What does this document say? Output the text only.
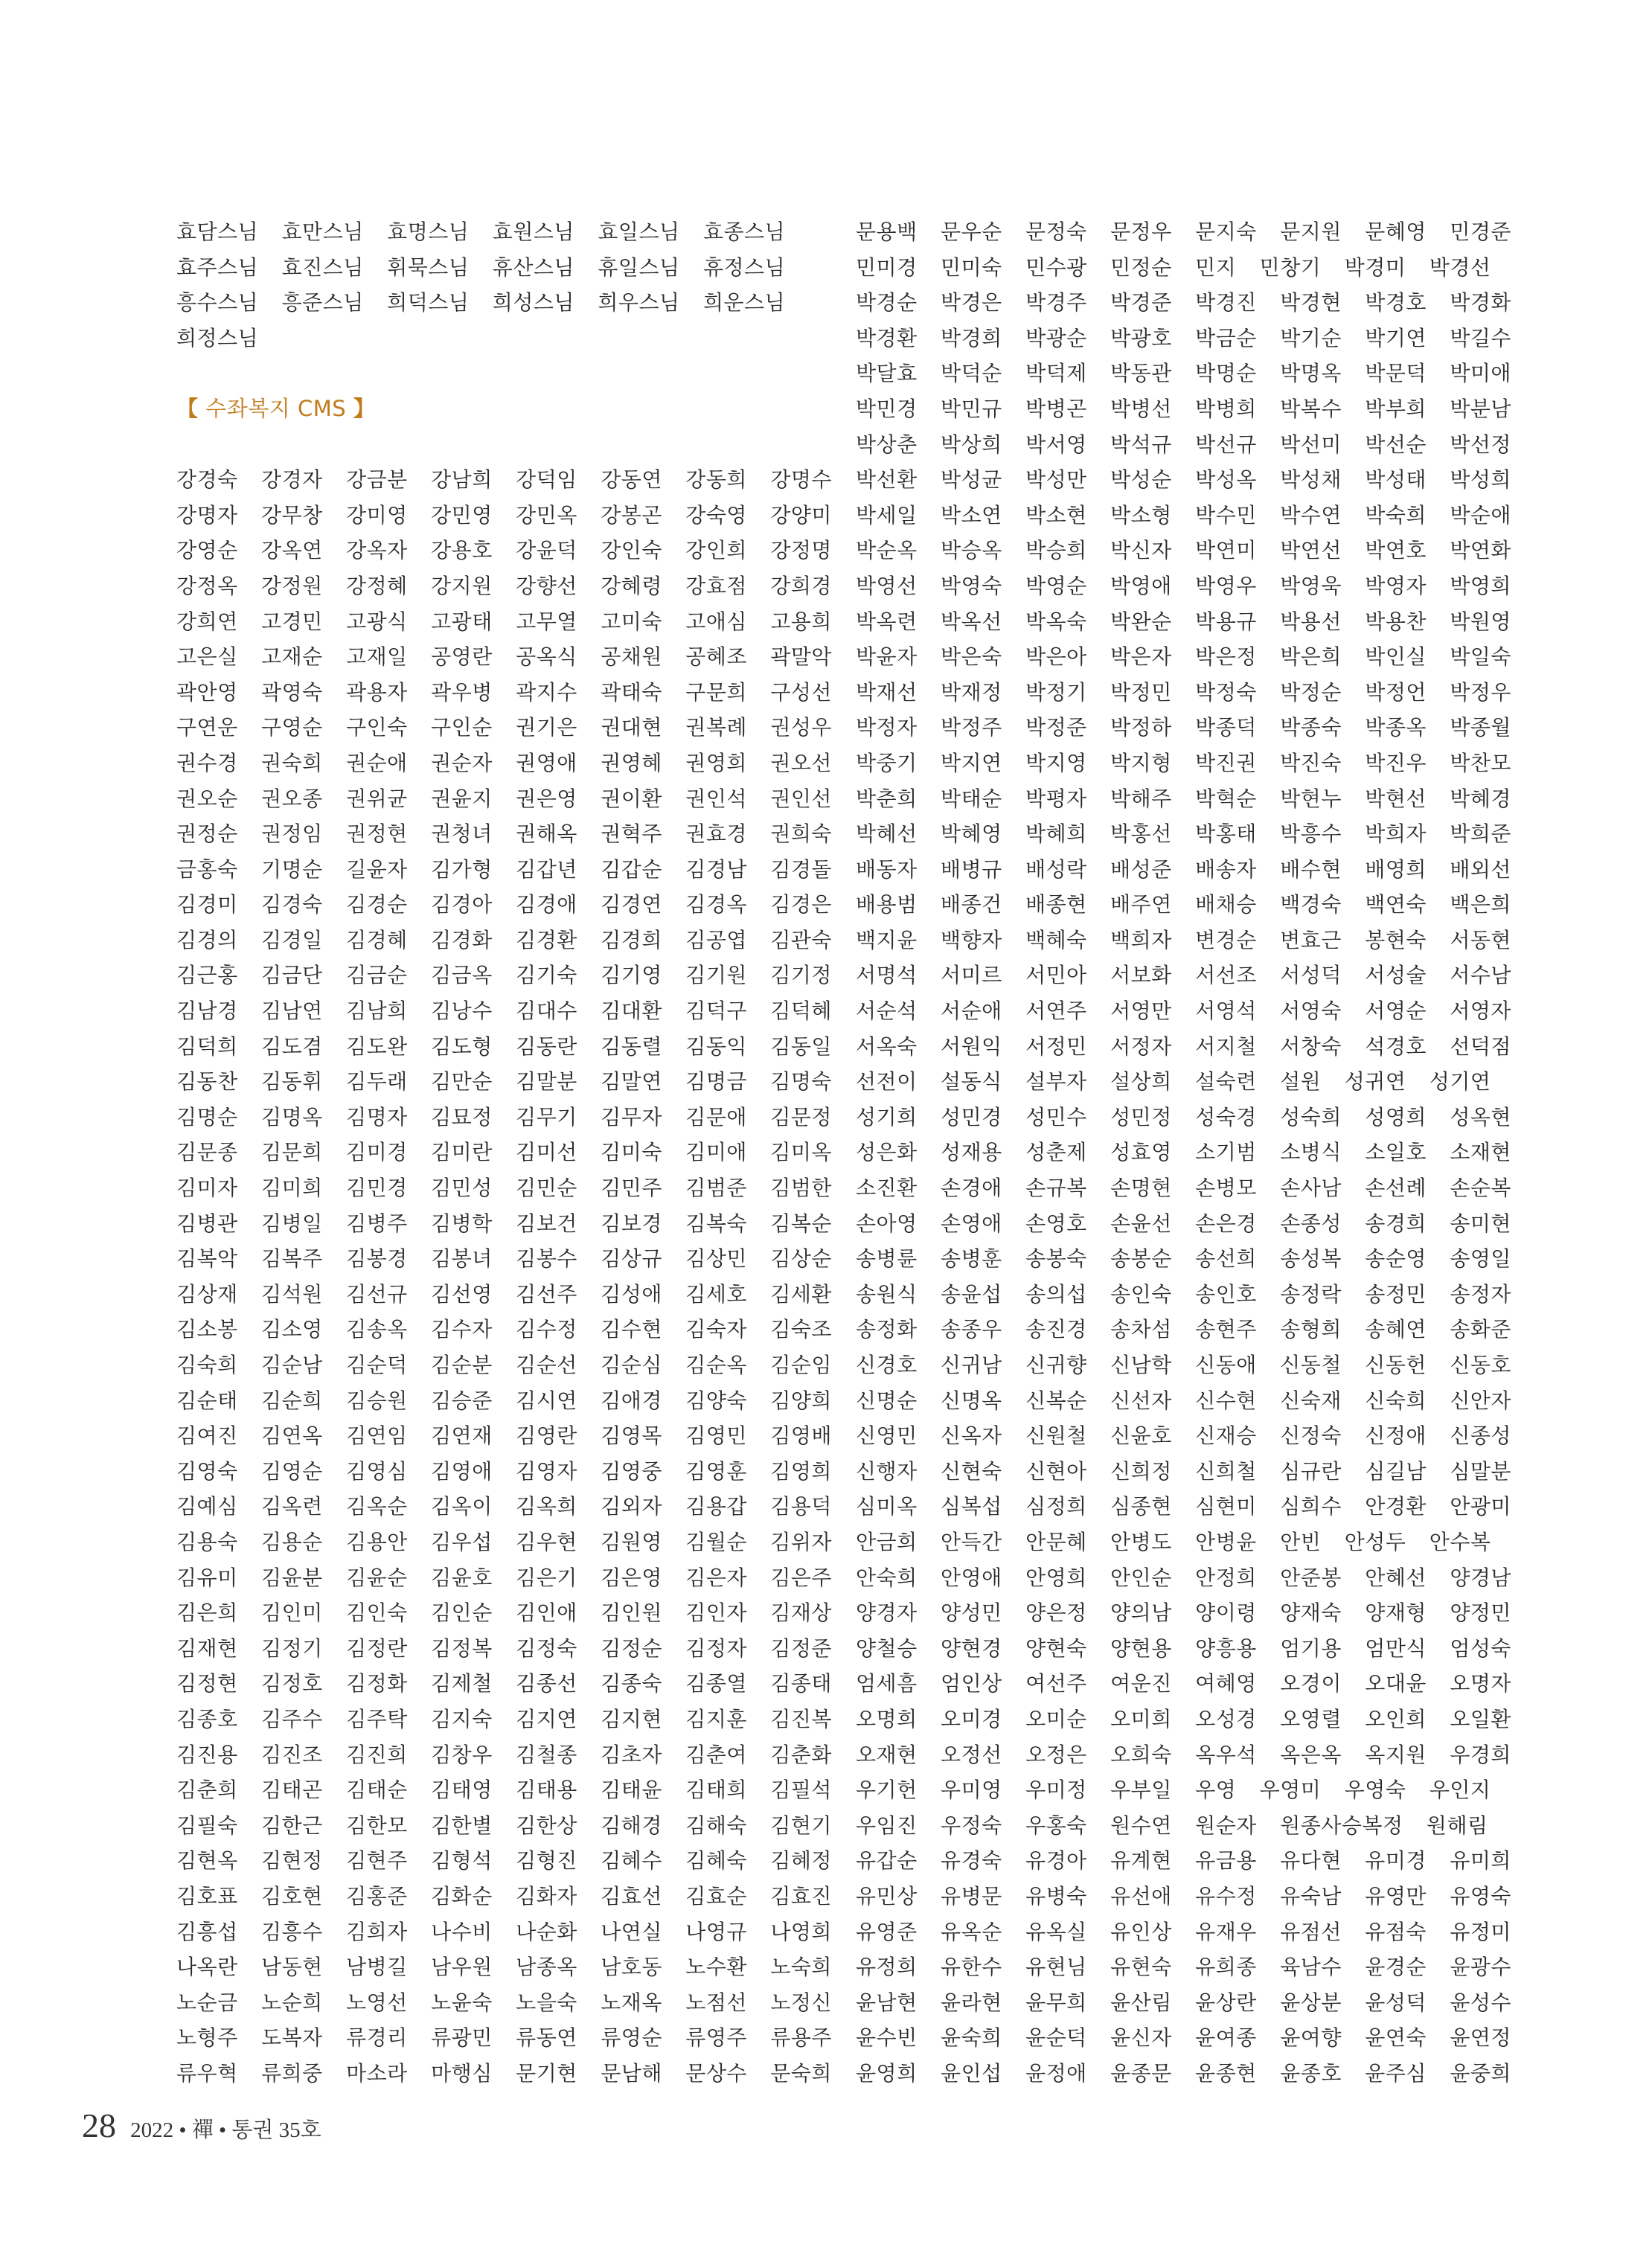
효담스님 효만스님 효명스님 효원스님 효일스님 효종스님
효주스님 효진스님 휘묵스님 휴산스님 휴일스님 휴정스님
흥수스님 흥준스님 희덕스님 희성스님 희우스님 희운스님
희정스님
【 수좌복지 CMS 】
강경숙 강경자 강금분 강남희 강덕임 강동연 강동희 강명수
강명자 강무창 강미영 강민영 강민옥 강봉곤 강숙영 강양미
강영순 강옥연 강옥자 강용호 강윤덕 강인숙 강인희 강정명
강정옥 강정원 강정혜 강지원 강향선 강혜령 강효점 강희경
강희연 고경민 고광식 고광태 고무열 고미숙 고애심 고용희
고은실 고재순 고재일 공영란 공옥식 공채원 공혜조 곽말악
곽안영 곽영숙 곽용자 곽우병 곽지수 곽태숙 구문희 구성선
구연운 구영순 구인숙 구인순 권기은 권대현 권복례 권성우
권수경 권숙희 권순애 권순자 권영애 권영혜 권영희 권오선
권오순 권오종 권위균 권윤지 권은영 권이환 권인석 권인선
권정순 권정임 권정현 권청녀 권해옥 권혁주 권효경 권희숙
금홍숙 기명순 길윤자 김가형 김갑년 김갑순 김경남 김경돌
김경미 김경숙 김경순 김경아 김경애 김경연 김경옥 김경은
김경의 김경일 김경혜 김경화 김경환 김경희 김공엽 김관숙
김근홍 김금단 김금순 김금옥 김기숙 김기영 김기원 김기정
김남경 김남연 김남희 김낭수 김대수 김대환 김덕구 김덕혜
김덕희 김도겸 김도완 김도형 김동란 김동렬 김동익 김동일
김동찬 김동휘 김두래 김만순 김말분 김말연 김명금 김명숙
김명순 김명옥 김명자 김묘정 김무기 김무자 김문애 김문정
김문종 김문희 김미경 김미란 김미선 김미숙 김미애 김미옥
김미자 김미희 김민경 김민성 김민순 김민주 김범준 김범한
김병관 김병일 김병주 김병학 김보건 김보경 김복숙 김복순
김복악 김복주 김봉경 김봉녀 김봉수 김상규 김상민 김상순
김상재 김석원 김선규 김선영 김선주 김성애 김세호 김세환
김소봉 김소영 김송옥 김수자 김수정 김수현 김숙자 김숙조
김숙희 김순남 김순덕 김순분 김순선 김순심 김순옥 김순임
김순태 김순희 김승원 김승준 김시연 김애경 김양숙 김양희
김여진 김연옥 김연임 김연재 김영란 김영목 김영민 김영배
김영숙 김영순 김영심 김영애 김영자 김영중 김영훈 김영희
김예심 김옥련 김옥순 김옥이 김옥희 김외자 김용갑 김용덕
김용숙 김용순 김용안 김우섭 김우현 김원영 김월순 김위자
김유미 김윤분 김윤순 김윤호 김은기 김은영 김은자 김은주
김은희 김인미 김인숙 김인순 김인애 김인원 김인자 김재상
김재현 김정기 김정란 김정복 김정숙 김정순 김정자 김정준
김정현 김정호 김정화 김제철 김종선 김종숙 김종열 김종태
김종호 김주수 김주탁 김지숙 김지연 김지현 김지훈 김진복
김진용 김진조 김진희 김창우 김철종 김초자 김춘여 김춘화
김춘희 김태곤 김태순 김태영 김태용 김태윤 김태희 김필석
김필숙 김한근 김한모 김한별 김한상 김해경 김해숙 김현기
김현옥 김현정 김현주 김형석 김형진 김혜수 김혜숙 김혜정
김호표 김호현 김홍준 김화순 김화자 김효선 김효순 김효진
김흥섭 김흥수 김희자 나수비 나순화 나연실 나영규 나영희
나옥란 남동현 남병길 남우원 남종옥 남호동 노수환 노숙희
노순금 노순희 노영선 노윤숙 노을숙 노재옥 노점선 노정신
노형주 도복자 류경리 류광민 류동연 류영순 류영주 류용주
류우혁 류희중 마소라 마행심 문기현 문남해 문상수 문숙희
문용백 문우순 문정숙 문정우 문지숙 문지원 문혜영 민경준
민미경 민미숙 민수광 민정순 민지 민창기 박경미 박경선
박경순 박경은 박경주 박경준 박경진 박경현 박경호 박경화
박경환 박경희 박광순 박광호 박금순 박기순 박기연 박길수
박달효 박덕순 박덕제 박동관 박명순 박명옥 박문덕 박미애
박민경 박민규 박병곤 박병선 박병희 박복수 박부희 박분남
박상춘 박상희 박서영 박석규 박선규 박선미 박선순 박선정
박선환 박성균 박성만 박성순 박성옥 박성채 박성태 박성희
박세일 박소연 박소현 박소형 박수민 박수연 박숙희 박순애
박순옥 박승옥 박승희 박신자 박연미 박연선 박연호 박연화
박영선 박영숙 박영순 박영애 박영우 박영욱 박영자 박영희
박옥련 박옥선 박옥숙 박완순 박용규 박용선 박용찬 박원영
박윤자 박은숙 박은아 박은자 박은정 박은희 박인실 박일숙
박재선 박재정 박정기 박정민 박정숙 박정순 박정언 박정우
박정자 박정주 박정준 박정하 박종덕 박종숙 박종옥 박종월
박중기 박지연 박지영 박지형 박진권 박진숙 박진우 박찬모
박춘희 박태순 박평자 박해주 박혁순 박현누 박현선 박혜경
박혜선 박혜영 박혜희 박홍선 박홍태 박흥수 박희자 박희준
배동자 배병규 배성락 배성준 배송자 배수현 배영희 배외선
배용범 배종건 배종현 배주연 배채승 백경숙 백연숙 백은희
백지윤 백향자 백혜숙 백희자 변경순 변효근 봉현숙 서동현
서명석 서미르 서민아 서보화 서선조 서성덕 서성술 서수남
서순석 서순애 서연주 서영만 서영석 서영숙 서영순 서영자
서옥숙 서원익 서정민 서정자 서지철 서창숙 석경호 선덕점
선전이 설동식 설부자 설상희 설숙련 설원 성귀연 성기연
성기희 성민경 성민수 성민정 성숙경 성숙희 성영희 성옥현
성은화 성재용 성춘제 성효영 소기범 소병식 소일호 소재현
소진환 손경애 손규복 손명현 손병모 손사남 손선례 손순복
손아영 손영애 손영호 손윤선 손은경 손종성 송경희 송미현
송병륜 송병훈 송봉숙 송봉순 송선희 송성복 송순영 송영일
송원식 송윤섭 송의섭 송인숙 송인호 송정락 송정민 송정자
송정화 송종우 송진경 송차섬 송현주 송형희 송혜연 송화준
신경호 신귀남 신귀향 신남학 신동애 신동철 신동헌 신동호
신명순 신명옥 신복순 신선자 신수현 신숙재 신숙희 신안자
신영민 신옥자 신원철 신윤호 신재승 신정숙 신정애 신종성
신행자 신현숙 신현아 신희정 신희철 심규란 심길남 심말분
심미옥 심복섭 심정희 심종현 심현미 심희수 안경환 안광미
안금희 안득간 안문혜 안병도 안병윤 안빈 안성두 안수복
안숙희 안영애 안영희 안인순 안정희 안준봉 안혜선 양경남
양경자 양성민 양은정 양의남 양이령 양재숙 양재형 양정민
양철승 양현경 양현숙 양현용 양흥용 엄기용 엄만식 엄성숙
엄세흠 엄인상 여선주 여운진 여혜영 오경이 오대윤 오명자
오명희 오미경 오미순 오미희 오성경 오영렬 오인희 오일환
오재현 오정선 오정은 오희숙 옥우석 옥은옥 옥지원 우경희
우기헌 우미영 우미정 우부일 우영 우영미 우영숙 우인지
우임진 우정숙 우홍숙 원수연 원순자 원종사승복정 원해림
유갑순 유경숙 유경아 유계현 유금용 유다현 유미경 유미희
유민상 유병문 유병숙 유선애 유수정 유숙남 유영만 유영숙
유영준 유옥순 유옥실 유인상 유재우 유점선 유점숙 유정미
유정희 유한수 유현님 유현숙 유희종 육남수 윤경순 윤광수
윤남현 윤라현 윤무희 윤산림 윤상란 윤상분 윤성덕 윤성수
윤수빈 윤숙희 윤순덕 윤신자 윤여종 윤여향 윤연숙 윤연정
윤영희 윤인섭 윤정애 윤종문 윤종현 윤종호 윤주심 윤중희
28 2022 • 禪 • 통권 35호
